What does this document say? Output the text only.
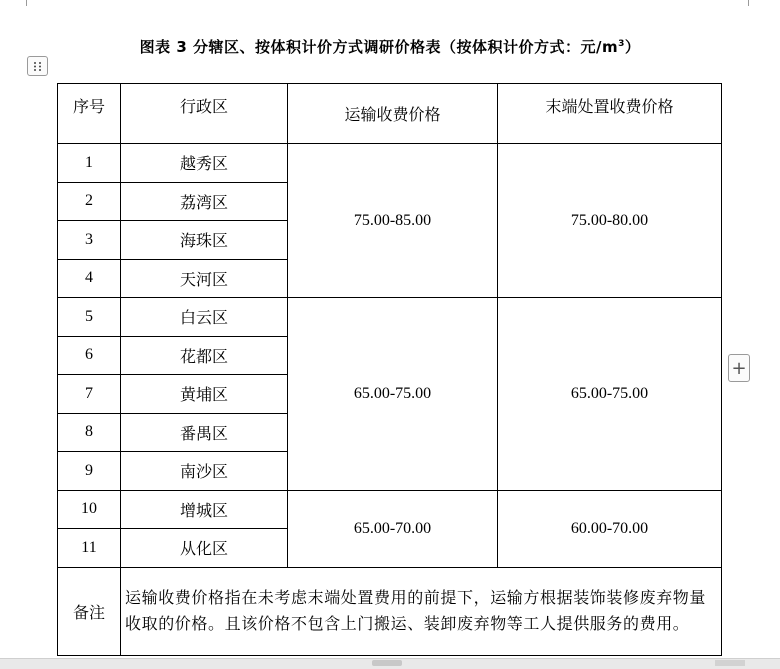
图表 3 分辖区、按体积计价方式调研价格表（按体积计价方式：元$/m^3$）
+
序号	行政区	运输收费价格	末端处置收费价格
1	越秀区	75.00-85.00	75.00-80.00
2	荔湾区		
3	海珠区		
4	天河区		
5	白云区	65.00-75.00	65.00-75.00
6	花都区		
7	黄埔区		
8	番禺区		
9	南沙区		
10	增城区	65.00-70.00	60.00-70.00
11	从化区		
备注	运输收费价格指在未考虑末端处置费用的前提下，运输方根据装饰装修废弃物量收取的价格。且该价格不包含上门搬运、装卸废弃物等工人提供服务的费用。		
